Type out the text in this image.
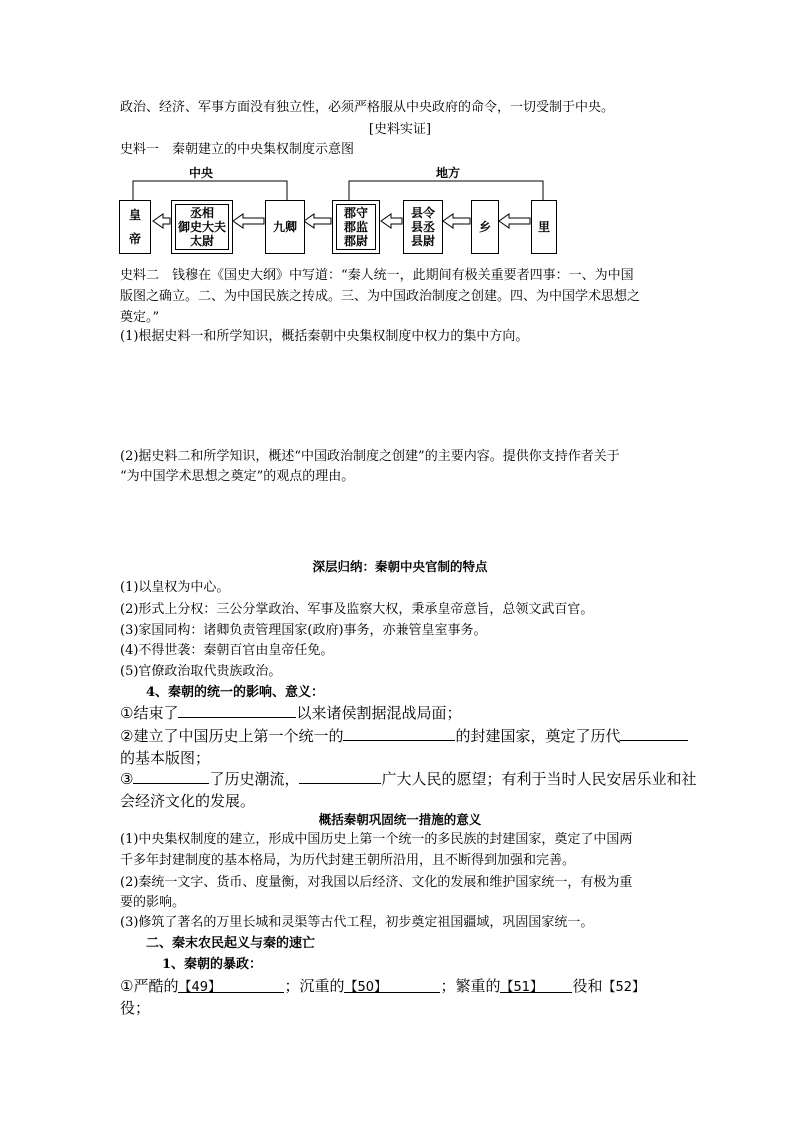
政治、经济、军事方面没有独立性，必须严格服从中央政府的命令，一切受制于中央。
[史料实证]
史料一　秦朝建立的中央集权制度示意图
中央	地方
皇
帝
丞相
御史大夫
太尉
九卿
郡守
郡监
郡尉
县令
县丞
县尉
乡	里
史料二　钱穆在《国史大纲》中写道：“秦人统一，此期间有极关重要者四事：一、为中国
版图之确立。二、为中国民族之抟成。三、为中国政治制度之创建。四、为中国学术思想之
奠定。”
(1)根据史料一和所学知识，概括秦朝中央集权制度中权力的集中方向。
(2)据史料二和所学知识，概述“中国政治制度之创建”的主要内容。提供你支持作者关于
“为中国学术思想之奠定”的观点的理由。
深层归纳：秦朝中央官制的特点
(1)以皇权为中心。
(2)形式上分权：三公分掌政治、军事及监察大权，秉承皇帝意旨，总领文武百官。
(3)家国同构：诸卿负责管理国家(政府)事务，亦兼管皇室事务。
(4)不得世袭：秦朝百官由皇帝任免。
(5)官僚政治取代贵族政治。
4、秦朝的统一的影响、意义：
①结束了	以来诸侯割据混战局面；
②建立了中国历史上第一个统一的	的封建国家，奠定了历代
的基本版图；
③	了历史潮流，	广大人民的愿望；有利于当时人民安居乐业和社
会经济文化的发展。
概括秦朝巩固统一措施的意义
(1)中央集权制度的建立，形成中国历史上第一个统一的多民族的封建国家，奠定了中国两
千多年封建制度的基本格局，为历代封建王朝所沿用，且不断得到加强和完善。
(2)秦统一文字、货币、度量衡，对我国以后经济、文化的发展和维护国家统一，有极为重
要的影响。
(3)修筑了著名的万里长城和灵渠等古代工程，初步奠定祖国疆域，巩固国家统一。
二、秦末农民起义与秦的速亡
1、秦朝的暴政：
①严酷的【49】	；沉重的【50】	；繁重的【51】 役和【52】
役；
